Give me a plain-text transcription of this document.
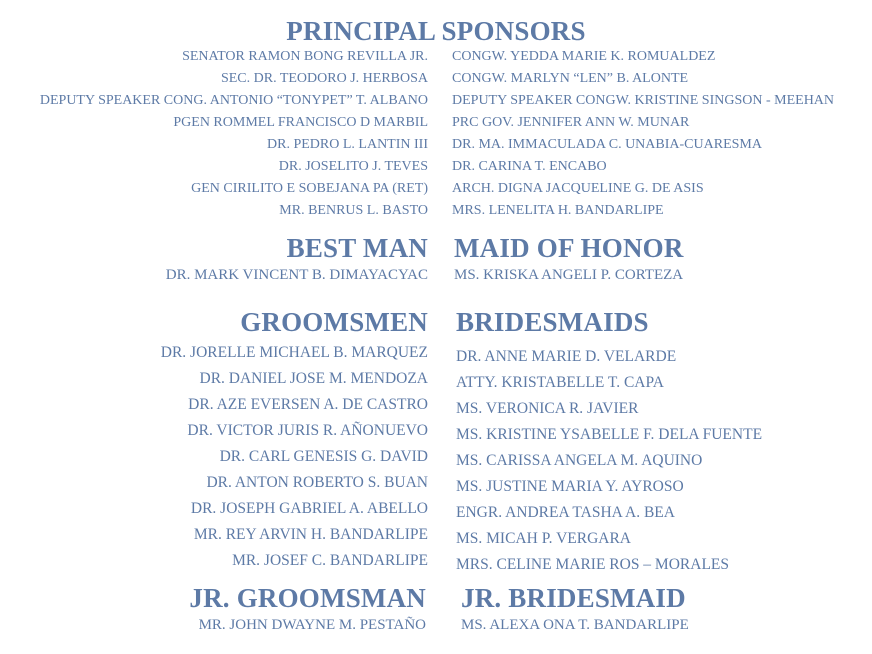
PRINCIPAL SPONSORS
SENATOR RAMON BONG REVILLA JR.
SEC. DR. TEODORO J. HERBOSA
DEPUTY SPEAKER CONG. ANTONIO “TONYPET” T. ALBANO
PGEN ROMMEL FRANCISCO D MARBIL
DR. PEDRO L. LANTIN III
DR. JOSELITO J. TEVES
GEN CIRILITO E SOBEJANA PA (RET)
MR. BENRUS L. BASTO
CONGW. YEDDA MARIE K. ROMUALDEZ
CONGW. MARLYN “LEN” B. ALONTE
DEPUTY SPEAKER CONGW. KRISTINE SINGSON - MEEHAN
PRC GOV. JENNIFER ANN W. MUNAR
DR. MA. IMMACULADA C. UNABIA-CUARESMA
DR. CARINA T. ENCABO
ARCH. DIGNA JACQUELINE G. DE ASIS
MRS. LENELITA H. BANDARLIPE
BEST MAN

DR. MARK VINCENT B. DIMAYACYAC

MAID OF HONOR

MS. KRISKA ANGELI P. CORTEZA

GROOMSMEN
DR. JORELLE MICHAEL B. MARQUEZ
DR. DANIEL JOSE M. MENDOZA
DR. AZE EVERSEN A. DE CASTRO
DR. VICTOR JURIS R. AÑONUEVO
DR. CARL GENESIS G. DAVID
DR. ANTON ROBERTO S. BUAN
DR. JOSEPH GABRIEL A. ABELLO
MR. REY ARVIN H. BANDARLIPE
MR. JOSEF C. BANDARLIPE
BRIDESMAIDS
DR. ANNE MARIE D. VELARDE
ATTY. KRISTABELLE T. CAPA
MS. VERONICA R. JAVIER
MS. KRISTINE YSABELLE F. DELA FUENTE
MS. CARISSA ANGELA M. AQUINO
MS. JUSTINE MARIA Y. AYROSO
ENGR. ANDREA TASHA A. BEA
MS. MICAH P. VERGARA
MRS. CELINE MARIE ROS – MORALES
JR. GROOMSMAN

MR. JOHN DWAYNE M. PESTAÑO

JR. BRIDESMAID

MS. ALEXA ONA T. BANDARLIPE
